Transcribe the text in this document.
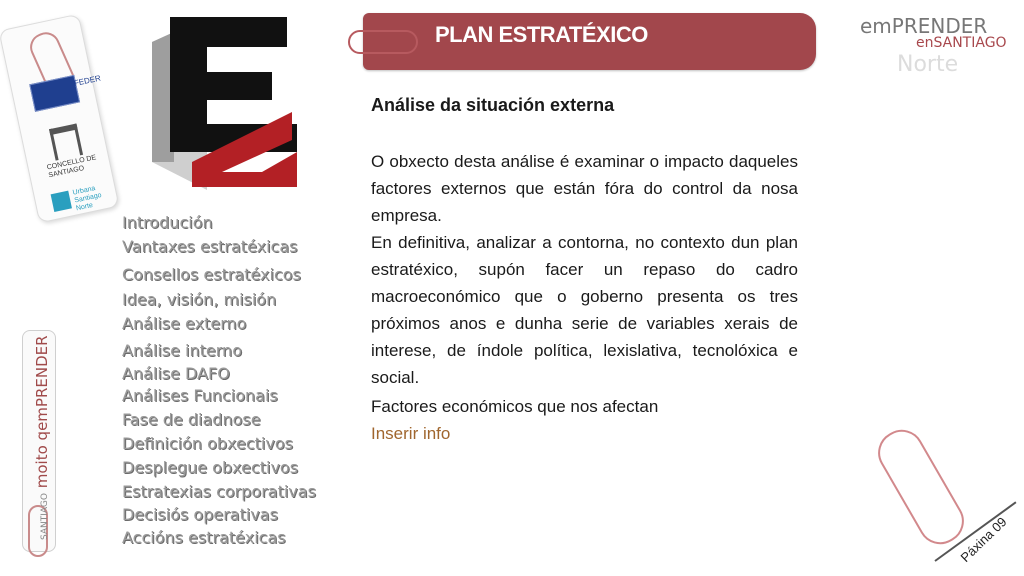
FEDER
CONCELLO DE SANTIAGO
Urbana Santiago Norte
Introdución
Vantaxes estratéxicas
Consellos estratéxicos
Idea, visión, misión
Análise externo
Análise interno
Análise DAFO
Análises Funcionais
Fase de diadnose
Definición obxectivos
Desplegue obxectivos
Estratexias corporativas
Decisiós operativas
Accións estratéxicas
SANTIAGO moito qemPRENDER
PLAN ESTRATÉXICO	emPRENDER
enSANTIAGO
Norte
Análise da situación externa

O obxecto desta análise é examinar o impacto daqueles factores externos que están fóra do control da nosa empresa.

En definitiva, analizar a contorna, no contexto dun plan estratéxico, supón facer un repaso do cadro macroeconómico que o goberno presenta os tres próximos anos e dunha serie de variables xerais de interese, de índole política, lexislativa, tecnolóxica e social.

Factores económicos que nos afectan
Inserir info
Páxina 09
